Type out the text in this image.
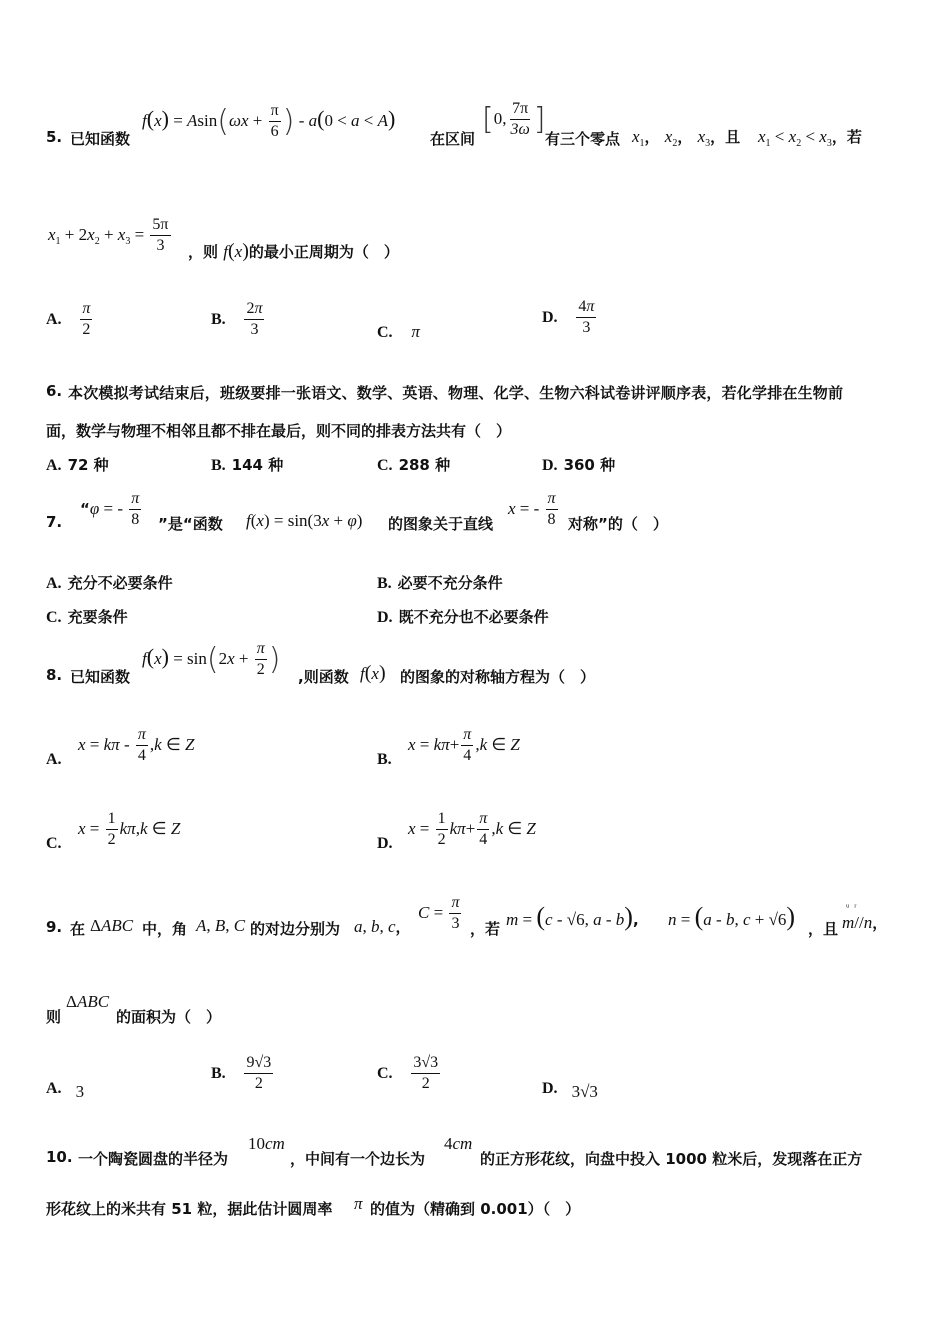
5. 已知函数
$f(x) = Asin(\omega x + \frac{\pi}{6}$ ) - a(0 < a < A)
在区间
[0, $\frac{7\pi}{3\omega}$ ]
有三个零点 $x_1$， $x_2$， $x_3$，且 $x_1 < x_2 < x_3$，若
$x_1 + 2x_2 + x_3 = \frac{5\pi}{3}$ ，则 f(x)的最小正周期为（　）
A. $\frac{\pi}{2}$	B. $\frac{2\pi}{3}$	C. π
D. $\frac{4\pi}{3}$
6. 本次模拟考试结束后，班级要排一张语文、数学、英语、物理、化学、生物六科试卷讲评顺序表，若化学排在生物前
面，数学与物理不相邻且都不排在最后，则不同的排表方法共有（　）
A. 72 种	B. 144 种	C. 288 种	D. 360 种
7.
“φ = - $\frac{\pi}{8}$ ”是“函数 f(x) = sin(3x + φ) 的图象关于直线
x = - $\frac{\pi}{8}$ 对称”的（　）
A. 充分不必要条件	B. 必要不充分条件
C. 充要条件	D. 既不充分也不必要条件
8. 已知函数
$f(x) = \sin(2x + \frac{\pi}{2}$ ) ,则函数 f(x) 的图象的对称轴方程为（　）
A.
$x = k\pi - \frac{\pi}{4} ,k$ ∈ Z
B.
$x = k\pi+ \frac{\pi}{4} ,k$ ∈ Z
C.
$x = \frac{1}{2} k\pi,k$ ∈ Z
D.
$x = \frac{1}{2} k\pi+ \frac{\pi}{4} ,k$ ∈ Z
9. 在 ΔABC 中，角 A, B, C 的对边分别为 a, b, c，
$C = \frac{\pi}{3}$ ，若 m = (c - √6, a - b), n = (a - b, c + √6) ，且
ᵘ  ʳ
m//n，
则
ΔABC
的面积为（　）
A. 3
B. $\frac{9√3}{2}$	C. $\frac{3√3}{2}$	D. 3√3
10. 一个陶瓷圆盘的半径为
10cm
，中间有一个边长为
4cm
的正方形花纹，向盘中投入 1000 粒米后，发现落在正方
形花纹上的米共有 51 粒，据此估计圆周率 π 的值为（精确到 0.001）（　）
